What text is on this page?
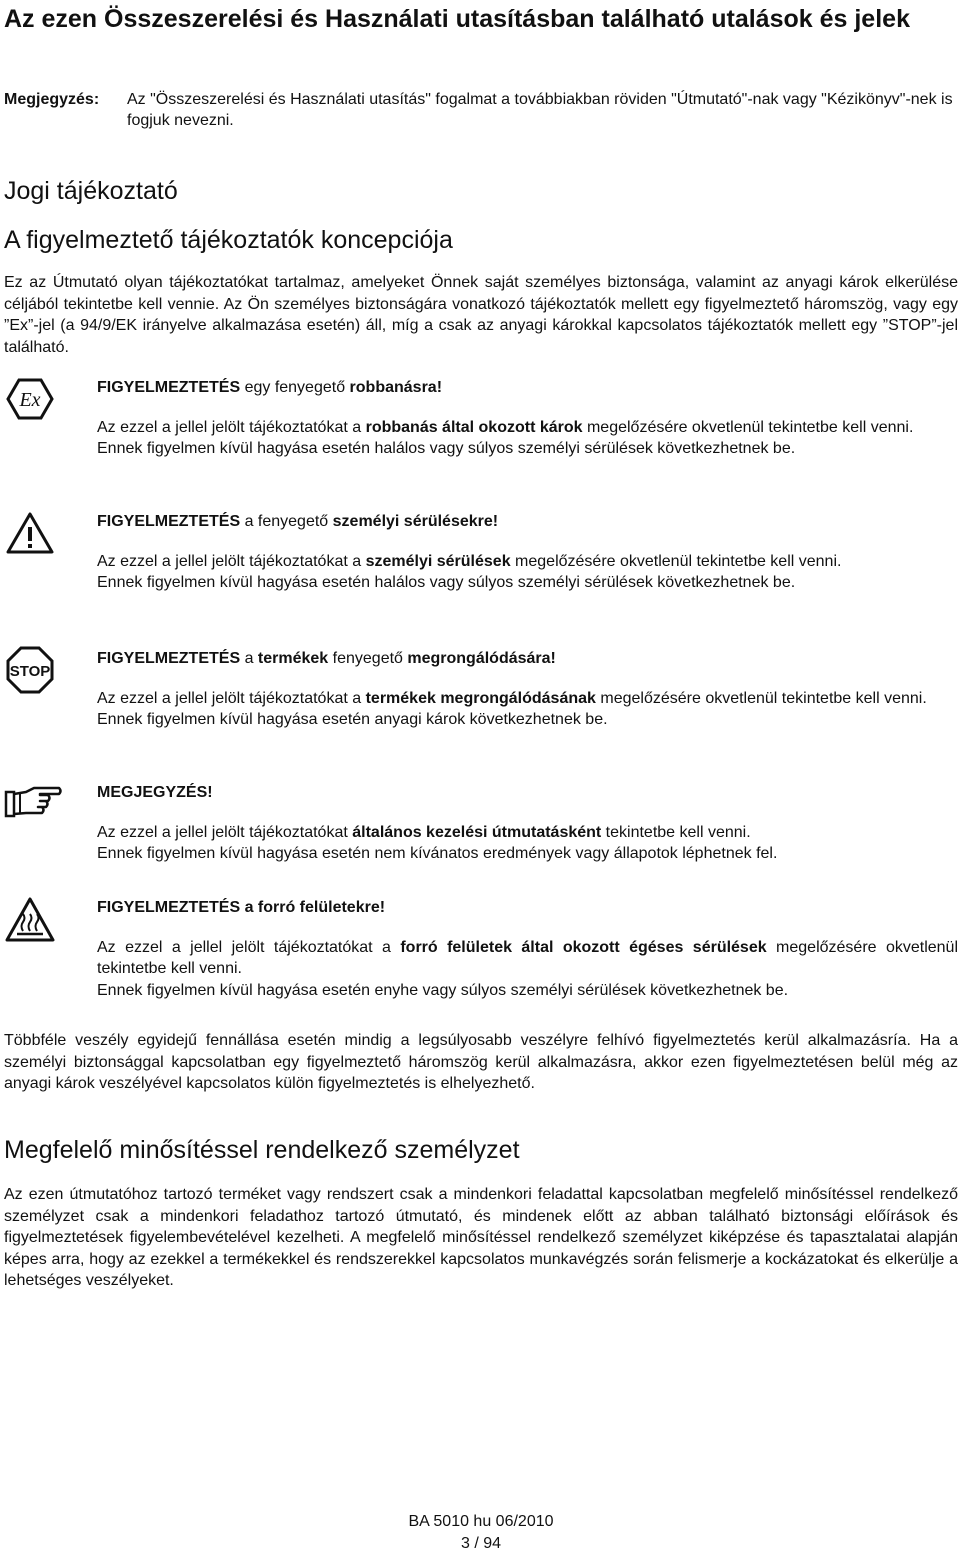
Az ezen Összeszerelési és Használati utasításban található utalások és jelek
Megjegyzés: Az "Összeszerelési és Használati utasítás" fogalmat a továbbiakban röviden "Útmutató"-nak vagy "Kézikönyv"-nek is fogjuk nevezni.
Jogi tájékoztató
A figyelmeztető tájékoztatók koncepciója
Ez az Útmutató olyan tájékoztatókat tartalmaz, amelyeket Önnek saját személyes biztonsága, valamint az anyagi károk elkerülése céljából tekintetbe kell vennie. Az Ön személyes biztonságára vonatkozó tájékoztatók mellett egy figyelmeztető háromszög, vagy egy ”Ex”-jel (a 94/9/EK irányelve alkalmazása esetén) áll, míg a csak az anyagi károkkal kapcsolatos tájékoztatók mellett egy ”STOP”-jel található.
Ex

FIGYELMEZTETÉS egy fenyegető robbanásra!

Az ezzel a jellel jelölt tájékoztatókat a robbanás által okozott károk megelőzésére okvetlenül tekintetbe kell venni.

Ennek figyelmen kívül hagyása esetén halálos vagy súlyos személyi sérülések következhetnek be.

FIGYELMEZTETÉS a fenyegető személyi sérülésekre!

Az ezzel a jellel jelölt tájékoztatókat a személyi sérülések megelőzésére okvetlenül tekintetbe kell venni.

Ennek figyelmen kívül hagyása esetén halálos vagy súlyos személyi sérülések következhetnek be.

STOP

FIGYELMEZTETÉS a termékek fenyegető megrongálódására!

Az ezzel a jellel jelölt tájékoztatókat a termékek megrongálódásának megelőzésére okvetlenül tekintetbe kell venni.

Ennek figyelmen kívül hagyása esetén anyagi károk következhetnek be.

MEGJEGYZÉS!

Az ezzel a jellel jelölt tájékoztatókat általános kezelési útmutatásként tekintetbe kell venni.

Ennek figyelmen kívül hagyása esetén nem kívánatos eredmények vagy állapotok léphetnek fel.

FIGYELMEZTETÉS a forró felületekre!

Az ezzel a jellel jelölt tájékoztatókat a forró felületek által okozott égéses sérülések megelőzésére okvetlenül tekintetbe kell venni.

Ennek figyelmen kívül hagyása esetén enyhe vagy súlyos személyi sérülések következhetnek be.

Többféle veszély egyidejű fennállása esetén mindig a legsúlyosabb veszélyre felhívó figyelmeztetés kerül alkalmazásría. Ha a személyi biztonsággal kapcsolatban egy figyelmeztető háromszög kerül alkalmazásra, akkor ezen figyelmeztetésen belül még az anyagi károk veszélyével kapcsolatos külön figyelmeztetés is elhelyezhető.
Megfelelő minősítéssel rendelkező személyzet
Az ezen útmutatóhoz tartozó terméket vagy rendszert csak a mindenkori feladattal kapcsolatban megfelelő minősítéssel rendelkező személyzet csak a mindenkori feladathoz tartozó útmutató, és mindenek előtt az abban található biztonsági előírások és figyelmeztetések figyelembevételével kezelheti. A megfelelő minősítéssel rendelkező személyzet kiképzése és tapasztalatai alapján képes arra, hogy az ezekkel a termékekkel és rendszerekkel kapcsolatos munkavégzés során felismerje a kockázatokat és elkerülje a lehetséges veszélyeket.
BA 5010 hu 06/2010
3 / 94
